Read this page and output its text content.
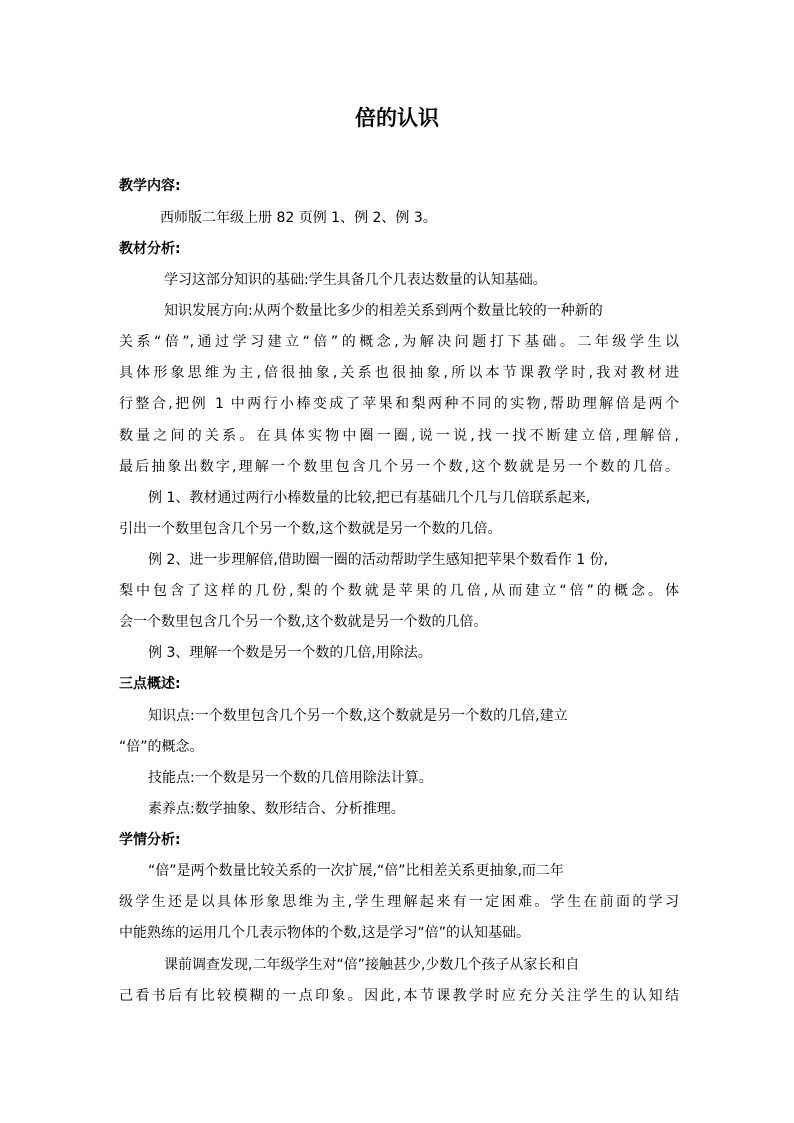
倍的认识

教学内容:

西师版二年级上册 82 页例 1、例 2、例 3。

教材分析:

学习这部分知识的基础:学生具备几个几表达数量的认知基础。

知识发展方向:从两个数量比多少的相差关系到两个数量比较的一种新的

关系“倍”,通过学习建立“倍”的概念,为解决问题打下基础。二年级学生以

具体形象思维为主,倍很抽象,关系也很抽象,所以本节课教学时,我对教材进

行整合,把例 1 中两行小棒变成了苹果和梨两种不同的实物,帮助理解倍是两个

数量之间的关系。在具体实物中圈一圈,说一说,找一找不断建立倍,理解倍,

最后抽象出数字,理解一个数里包含几个另一个数,这个数就是另一个数的几倍。

例 1、教材通过两行小棒数量的比较,把已有基础几个几与几倍联系起来,

引出一个数里包含几个另一个数,这个数就是另一个数的几倍。

例 2、进一步理解倍,借助圈一圈的活动帮助学生感知把苹果个数看作 1 份,

梨中包含了这样的几份,梨的个数就是苹果的几倍,从而建立“倍”的概念。体

会一个数里包含几个另一个数,这个数就是另一个数的几倍。

例 3、理解一个数是另一个数的几倍,用除法。

三点概述:

知识点:一个数里包含几个另一个数,这个数就是另一个数的几倍,建立

“倍”的概念。

技能点:一个数是另一个数的几倍用除法计算。

素养点:数学抽象、数形结合、分析推理。

学情分析:

“倍”是两个数量比较关系的一次扩展,“倍”比相差关系更抽象,而二年

级学生还是以具体形象思维为主,学生理解起来有一定困难。学生在前面的学习

中能熟练的运用几个几表示物体的个数,这是学习“倍”的认知基础。

课前调查发现,二年级学生对“倍”接触甚少,少数几个孩子从家长和自

己看书后有比较模糊的一点印象。因此,本节课教学时应充分关注学生的认知结
